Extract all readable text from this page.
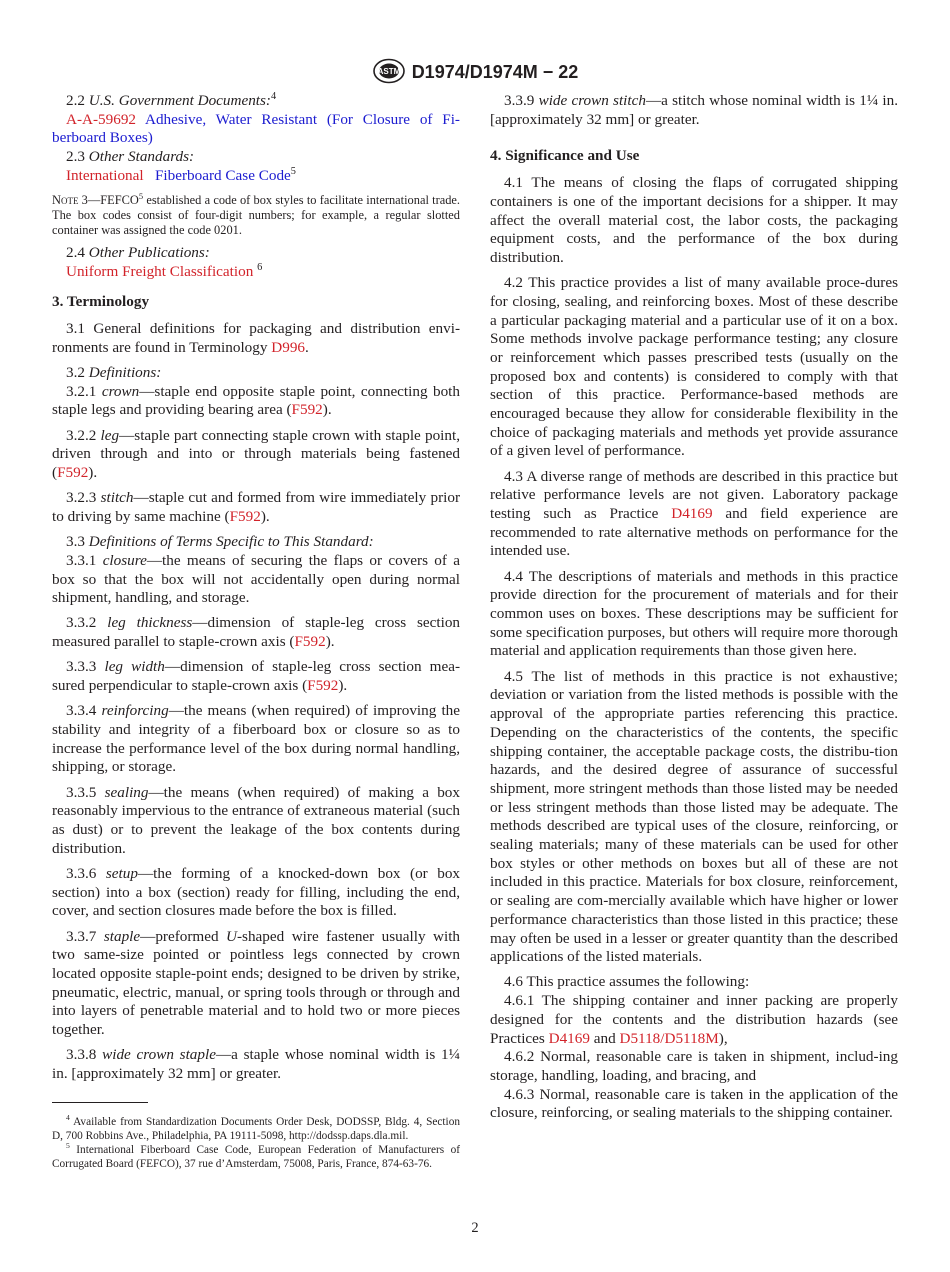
ASTM D1974/D1974M − 22

2.2 U.S. Government Documents:$^4$

A-A-59692 Adhesive, Water Resistant (For Closure of Fi-berboard Boxes)

2.3 Other Standards:

International Fiberboard Case Code$^5$

Note 3—FEFCO$^5$ established a code of box styles to facilitate international trade. The box codes consist of four-digit numbers; for example, a regular slotted container was assigned the code 0201.

2.4 Other Publications:

Uniform Freight Classification $^6$

3. Terminology

3.1 General definitions for packaging and distribution envi-ronments are found in Terminology D996.

3.2 Definitions:

3.2.1 crown—staple end opposite staple point, connecting both staple legs and providing bearing area (F592).

3.2.2 leg—staple part connecting staple crown with staple point, driven through and into or through materials being fastened (F592).

3.2.3 stitch—staple cut and formed from wire immediately prior to driving by same machine (F592).

3.3 Definitions of Terms Specific to This Standard:

3.3.1 closure—the means of securing the flaps or covers of a box so that the box will not accidentally open during normal shipment, handling, and storage.

3.3.2 leg thickness—dimension of staple-leg cross section measured parallel to staple-crown axis (F592).

3.3.3 leg width—dimension of staple-leg cross section mea-sured perpendicular to staple-crown axis (F592).

3.3.4 reinforcing—the means (when required) of improving the stability and integrity of a fiberboard box or closure so as to increase the performance level of the box during normal handling, shipping, or storage.

3.3.5 sealing—the means (when required) of making a box reasonably impervious to the entrance of extraneous material (such as dust) or to prevent the leakage of the box contents during distribution.

3.3.6 setup—the forming of a knocked-down box (or box section) into a box (section) ready for filling, including the end, cover, and section closures made before the box is filled.

3.3.7 staple—preformed U-shaped wire fastener usually with two same-size pointed or pointless legs connected by crown located opposite staple-point ends; designed to be driven by strike, pneumatic, electric, manual, or spring tools through or through and into layers of penetrable material and to hold two or more pieces together.

3.3.8 wide crown staple—a staple whose nominal width is 1¼ in. [approximately 32 mm] or greater.

$^4$ Available from Standardization Documents Order Desk, DODSSP, Bldg. 4, Section D, 700 Robbins Ave., Philadelphia, PA 19111-5098, http://dodssp.daps.dla.mil.

$^5$ International Fiberboard Case Code, European Federation of Manufacturers of Corrugated Board (FEFCO), 37 rue d’Amsterdam, 75008, Paris, France, 874-63-76.

3.3.9 wide crown stitch—a stitch whose nominal width is 1¼ in. [approximately 32 mm] or greater.

4. Significance and Use

4.1 The means of closing the flaps of corrugated shipping containers is one of the important decisions for a shipper. It may affect the overall material cost, the labor costs, the packaging equipment costs, and the performance of the box during distribution.

4.2 This practice provides a list of many available proce-dures for closing, sealing, and reinforcing boxes. Most of these describe a particular packaging material and a particular use of it on a box. Some methods involve package performance testing; any closure or reinforcement which passes prescribed tests (usually on the proposed box and contents) is considered to comply with that section of this practice. Performance-based methods are encouraged because they allow for considerable flexibility in the choice of packaging materials and methods yet provide assurance of a given level of performance.

4.3 A diverse range of methods are described in this practice but relative performance levels are not given. Laboratory package testing such as Practice D4169 and field experience are recommended to rate alternative methods on performance for the intended use.

4.4 The descriptions of materials and methods in this practice provide direction for the procurement of materials and for their common uses on boxes. These descriptions may be sufficient for some specification purposes, but others will require more thorough material and application requirements than those given here.

4.5 The list of methods in this practice is not exhaustive; deviation or variation from the listed methods is possible with the approval of the appropriate parties referencing this practice. Depending on the characteristics of the contents, the specific shipping container, the acceptable package costs, the distribu-tion hazards, and the desired degree of assurance of successful shipment, more stringent methods than those listed may be needed or less stringent methods than those listed may be adequate. The methods described are typical uses of the closure, reinforcing, or sealing materials; many of these materials can be used for other box styles or other methods on boxes but all of these are not included in this practice. Materials for box closure, reinforcement, or sealing are com-mercially available which have higher or lower performance characteristics than those listed in this practice; these may often be used in a lesser or greater quantity than the described applications of the listed materials.

4.6 This practice assumes the following:

4.6.1 The shipping container and inner packing are properly designed for the contents and the distribution hazards (see Practices D4169 and D5118/D5118M),

4.6.2 Normal, reasonable care is taken in shipment, includ-ing storage, handling, loading, and bracing, and

4.6.3 Normal, reasonable care is taken in the application of the closure, reinforcing, or sealing materials to the shipping container.

2
